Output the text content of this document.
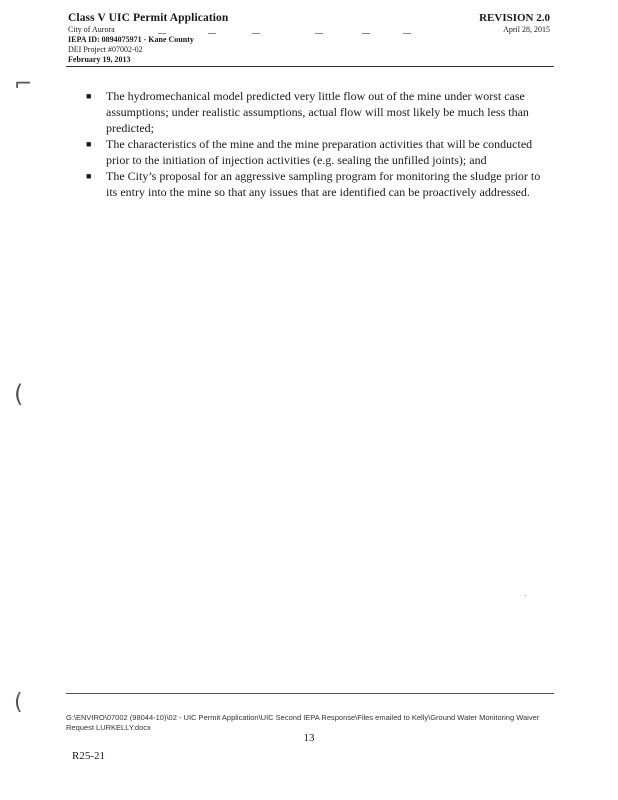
Class V UIC Permit Application
City of Aurora
IEPA ID: 0894075971 - Kane County
DEI Project #07002-02
February 19, 2013
REVISION 2.0
April 28, 2015
⌐
(
(
■	The hydromechanical model predicted very little flow out of the mine under worst case assumptions; under realistic assumptions, actual flow will most likely be much less than predicted;
■	The characteristics of the mine and the mine preparation activities that will be conducted prior to the initiation of injection activities (e.g. sealing the unfilled joints); and
■	The City’s proposal for an aggressive sampling program for monitoring the sludge prior to its entry into the mine so that any issues that are identified can be proactively addressed.
G:\ENVIRO\07002 (98044-10)\02 - UIC Permit Application\UIC Second IEPA Response\Files emailed to Kelly\Ground Water Monitoring Waiver Request LURKELLY.docx
13
R25-21
